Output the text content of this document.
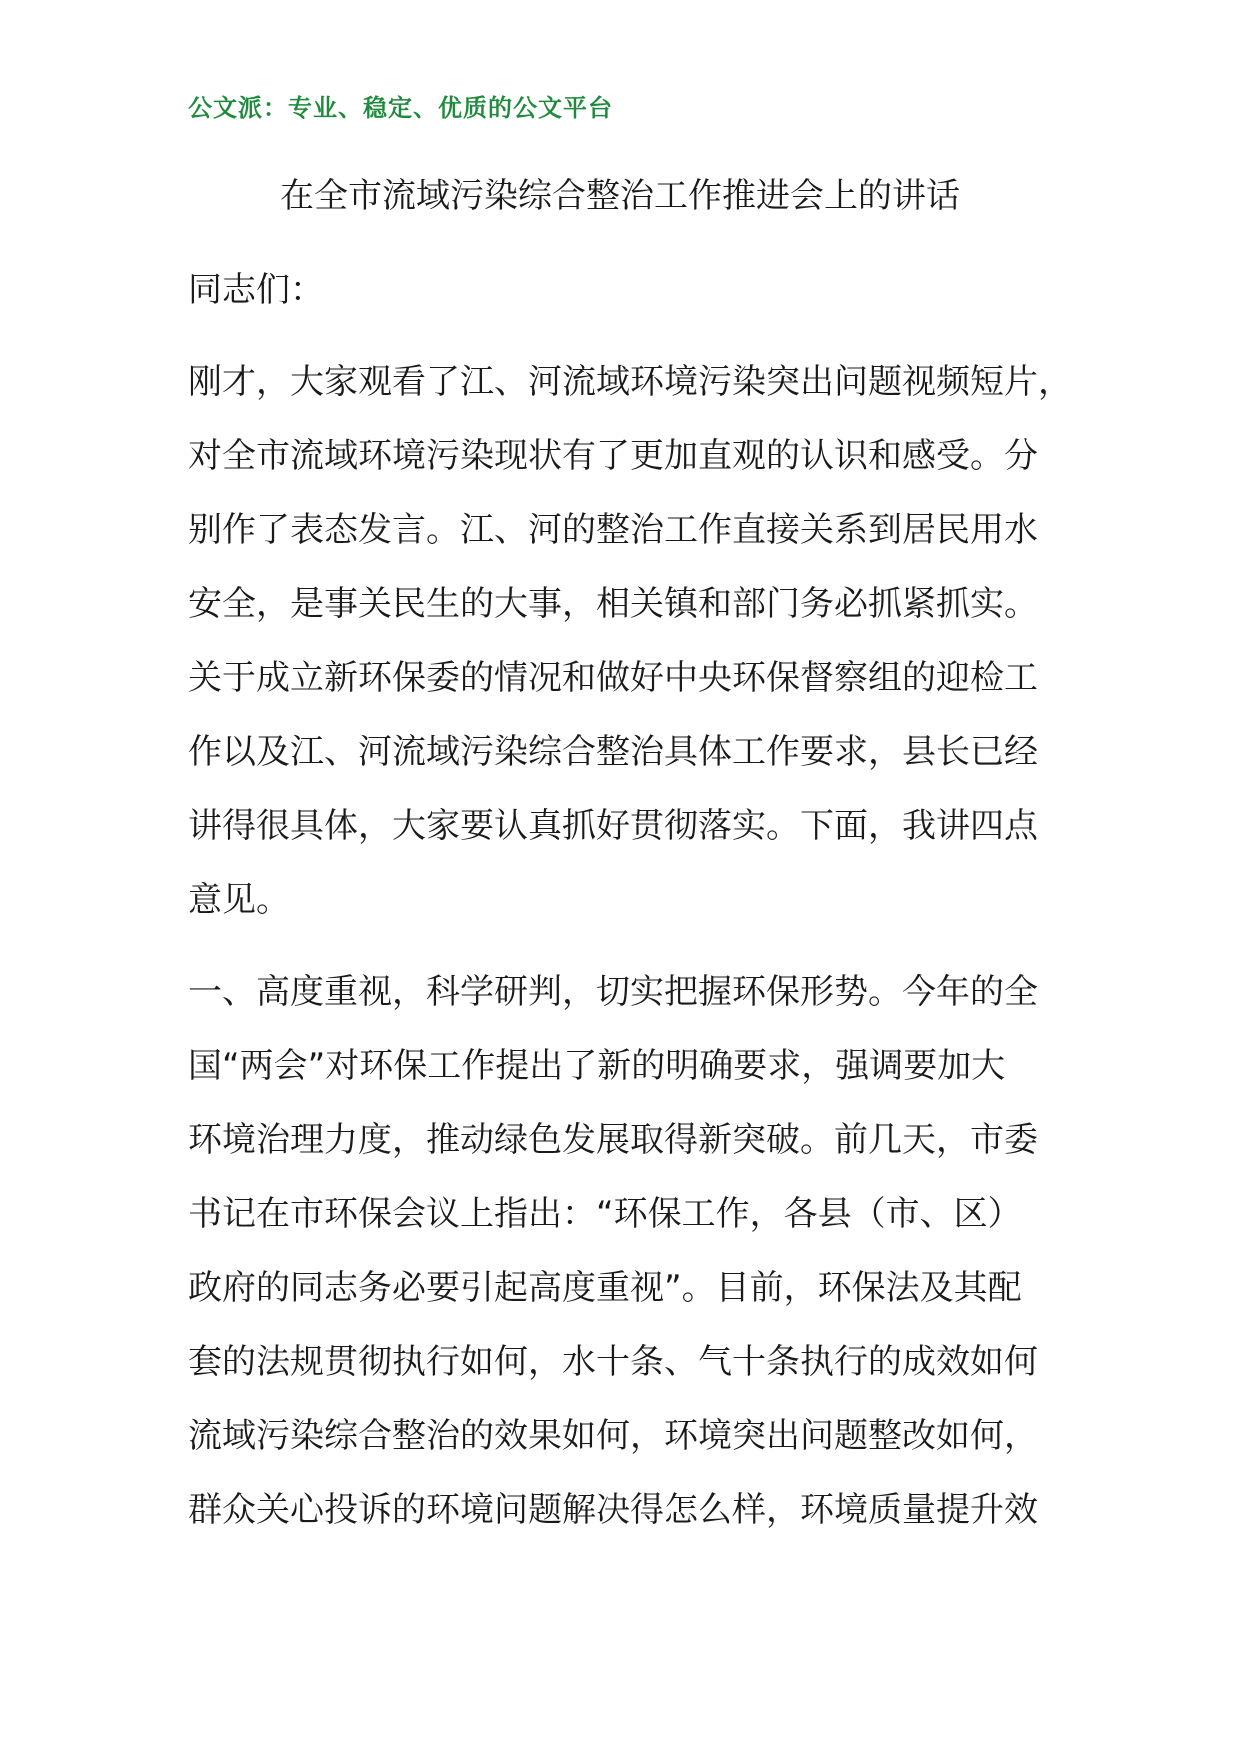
公文派：专业、稳定、优质的公文平台
在全市流域污染综合整治工作推进会上的讲话
同志们：
刚才，大家观看了江、河流域环境污染突出问题视频短片，
对全市流域环境污染现状有了更加直观的认识和感受。分
别作了表态发言。江、河的整治工作直接关系到居民用水
安全，是事关民生的大事，相关镇和部门务必抓紧抓实。
关于成立新环保委的情况和做好中央环保督察组的迎检工
作以及江、河流域污染综合整治具体工作要求，县长已经
讲得很具体，大家要认真抓好贯彻落实。下面，我讲四点
意见。
一、高度重视，科学研判，切实把握环保形势。今年的全
国“两会”对环保工作提出了新的明确要求，强调要加大
环境治理力度，推动绿色发展取得新突破。前几天，市委
书记在市环保会议上指出：“环保工作，各县（市、区）
政府的同志务必要引起高度重视”。目前，环保法及其配
套的法规贯彻执行如何，水十条、气十条执行的成效如何
流域污染综合整治的效果如何，环境突出问题整改如何，
群众关心投诉的环境问题解决得怎么样，环境质量提升效
